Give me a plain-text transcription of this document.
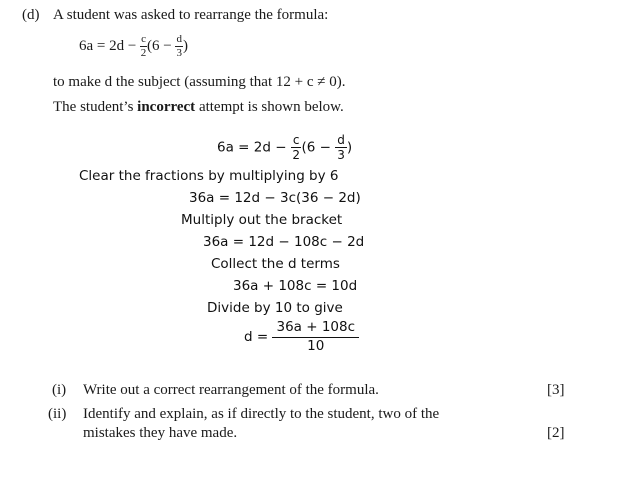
(d) A student was asked to rearrange the formula:
$6a = 2d - \frac{c}{2} (6 - \frac{d}{3}$ )
to make d the subject (assuming that 12 + c ≠ 0).
The student’s incorrect attempt is shown below.
$6a = 2d - \frac{c}{2} (6 - \frac{d}{3}$ )
Clear the fractions by multiplying by 6
36a = 12d − 3c(36 − 2d)
Multiply out the bracket
36a = 12d − 108c − 2d
Collect the d terms
36a + 108c = 10d
Divide by 10 to give
$d = \frac{36a + 108c}{10}$
(i) Write out a correct rearrangement of the formula.	[3]
(ii) Identify and explain, as if directly to the student, two of the
mistakes they have made.	[2]
